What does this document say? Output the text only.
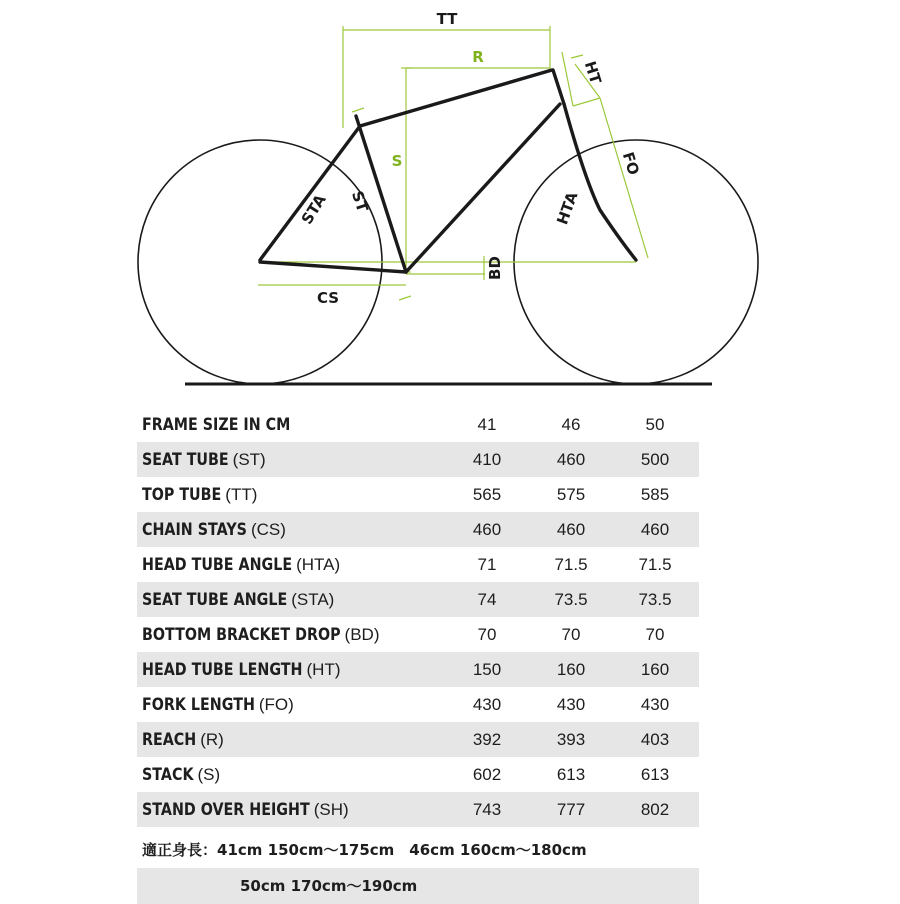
TT
R
HT
S	FO
STA ST	HTA
BD
CS
FRAME SIZE IN CM	41	46	50
SEAT TUBE (ST)	410	460	500
TOP TUBE (TT)	565	575	585
CHAIN STAYS (CS)	460	460	460
HEAD TUBE ANGLE (HTA)	71	71.5	71.5
SEAT TUBE ANGLE (STA)	74	73.5	73.5
BOTTOM BRACKET DROP (BD)	70	70	70
HEAD TUBE LENGTH (HT)	150	160	160
FORK LENGTH (FO)	430	430	430
REACH (R)	392	393	403
STACK (S)	602	613	613
STAND OVER HEIGHT (SH)	743	777	802
適正身長：41cm 150cm～175cm　46cm 160cm～180cm
50cm 170cm～190cm
